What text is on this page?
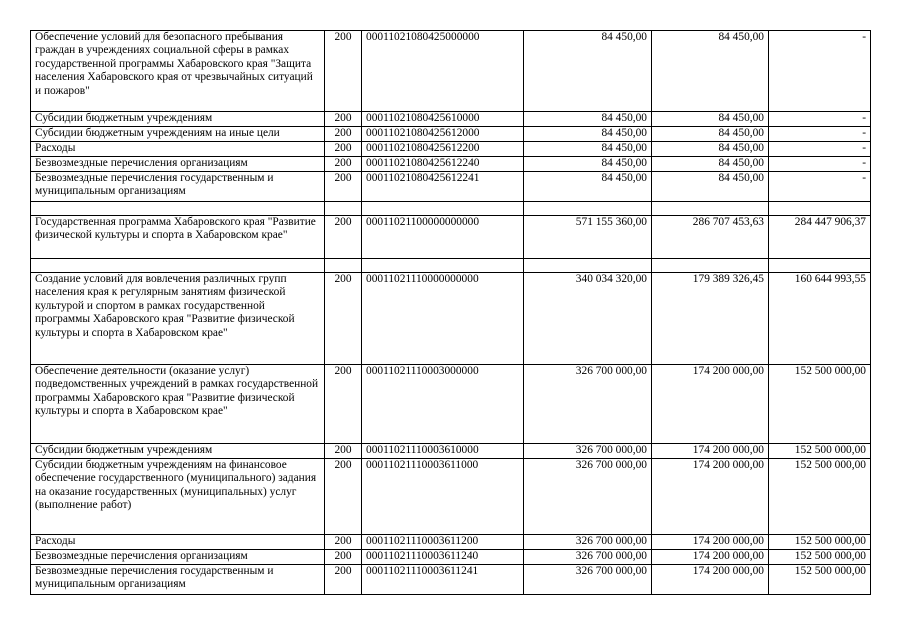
Обеспечение условий для безопасного пребывания граждан в учреждениях социальной сферы в рамках государственной программы Хабаровского края "Защита населения Хабаровского края от чрезвычайных ситуаций и пожаров"	200	00011021080425000000	84 450,00	84 450,00	-
Субсидии бюджетным учреждениям	200	00011021080425610000	84 450,00	84 450,00	-
Субсидии бюджетным учреждениям на иные цели	200	00011021080425612000	84 450,00	84 450,00	-
Расходы	200	00011021080425612200	84 450,00	84 450,00	-
Безвозмездные перечисления организациям	200	00011021080425612240	84 450,00	84 450,00	-
Безвозмездные перечисления государственным и муниципальным организациям	200	00011021080425612241	84 450,00	84 450,00	-

Государственная программа Хабаровского края "Развитие физической культуры и спорта в Хабаровском крае"	200	00011021100000000000	571 155 360,00	286 707 453,63	284 447 906,37

Создание условий для вовлечения различных групп населения края к регулярным занятиям физической культурой и спортом в рамках государственной программы Хабаровского края "Развитие физической культуры и спорта в Хабаровском крае"	200	00011021110000000000	340 034 320,00	179 389 326,45	160 644 993,55
Обеспечение деятельности (оказание услуг) подведомственных учреждений в рамках государственной программы Хабаровского края "Развитие физической культуры и спорта в Хабаровском крае"	200	00011021110003000000	326 700 000,00	174 200 000,00	152 500 000,00
Субсидии бюджетным учреждениям	200	00011021110003610000	326 700 000,00	174 200 000,00	152 500 000,00
Субсидии бюджетным учреждениям на финансовое обеспечение государственного (муниципального) задания на оказание государственных (муниципальных) услуг (выполнение работ)	200	00011021110003611000	326 700 000,00	174 200 000,00	152 500 000,00
Расходы	200	00011021110003611200	326 700 000,00	174 200 000,00	152 500 000,00
Безвозмездные перечисления организациям	200	00011021110003611240	326 700 000,00	174 200 000,00	152 500 000,00
Безвозмездные перечисления государственным и муниципальным организациям	200	00011021110003611241	326 700 000,00	174 200 000,00	152 500 000,00
